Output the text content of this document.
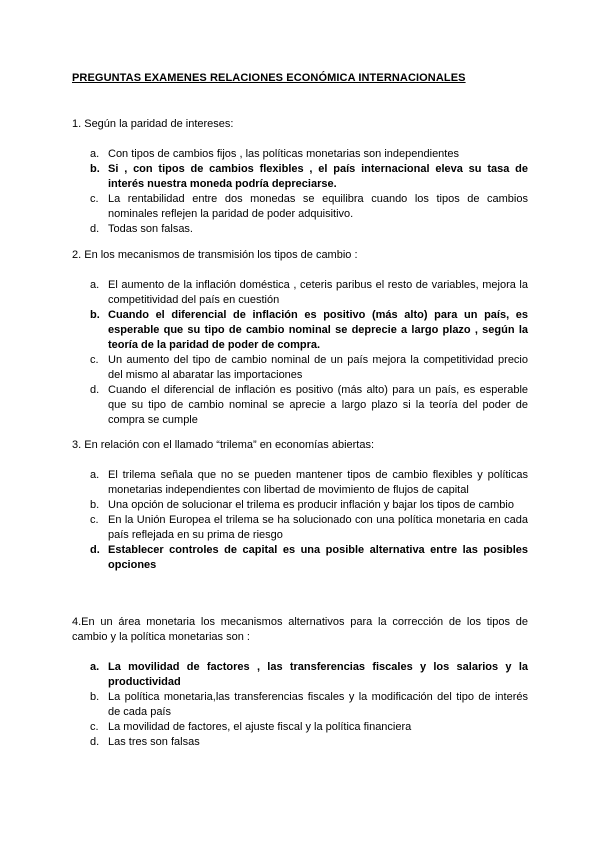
PREGUNTAS EXAMENES RELACIONES ECONÓMICA INTERNACIONALES

1. Según la paridad de intereses:

a. Con tipos de cambios fijos , las políticas monetarias son independientes
b. Si , con tipos de cambios flexibles , el país internacional eleva su tasa de interés nuestra moneda podría depreciarse.
c. La rentabilidad entre dos monedas se equilibra cuando los tipos de cambios nominales reflejen la paridad de poder adquisitivo.
d. Todas son falsas.

2. En los mecanismos de transmisión los tipos de cambio :

a. El aumento de la inflación doméstica , ceteris paribus el resto de variables, mejora la competitividad del país en cuestión
b. Cuando el diferencial de inflación es positivo (más alto) para un país, es esperable que su tipo de cambio nominal se deprecie a largo plazo , según la teoría de la paridad de poder de compra.
c. Un aumento del tipo de cambio nominal de un país mejora la competitividad precio del mismo al abaratar las importaciones
d. Cuando el diferencial de inflación es positivo (más alto) para un país, es esperable que su tipo de cambio nominal se aprecie a largo plazo si la teoría del poder de compra se cumple

3. En relación con el llamado “trilema” en economías abiertas:

a. El trilema señala que no se pueden mantener tipos de cambio flexibles y políticas monetarias independientes con libertad de movimiento de flujos de capital
b. Una opción de solucionar el trilema es producir inflación y bajar los tipos de cambio
c. En la Unión Europea el trilema se ha solucionado con una política monetaria en cada país reflejada en su prima de riesgo
d. Establecer controles de capital es una posible alternativa entre las posibles opciones

4.En un área monetaria los mecanismos alternativos para la corrección de los tipos de cambio y la política monetarias son :

a. La movilidad de factores , las transferencias fiscales y los salarios y la productividad
b. La política monetaria,las transferencias fiscales y la modificación del tipo de interés de cada país
c. La movilidad de factores, el ajuste fiscal y la política financiera
d. Las tres son falsas
